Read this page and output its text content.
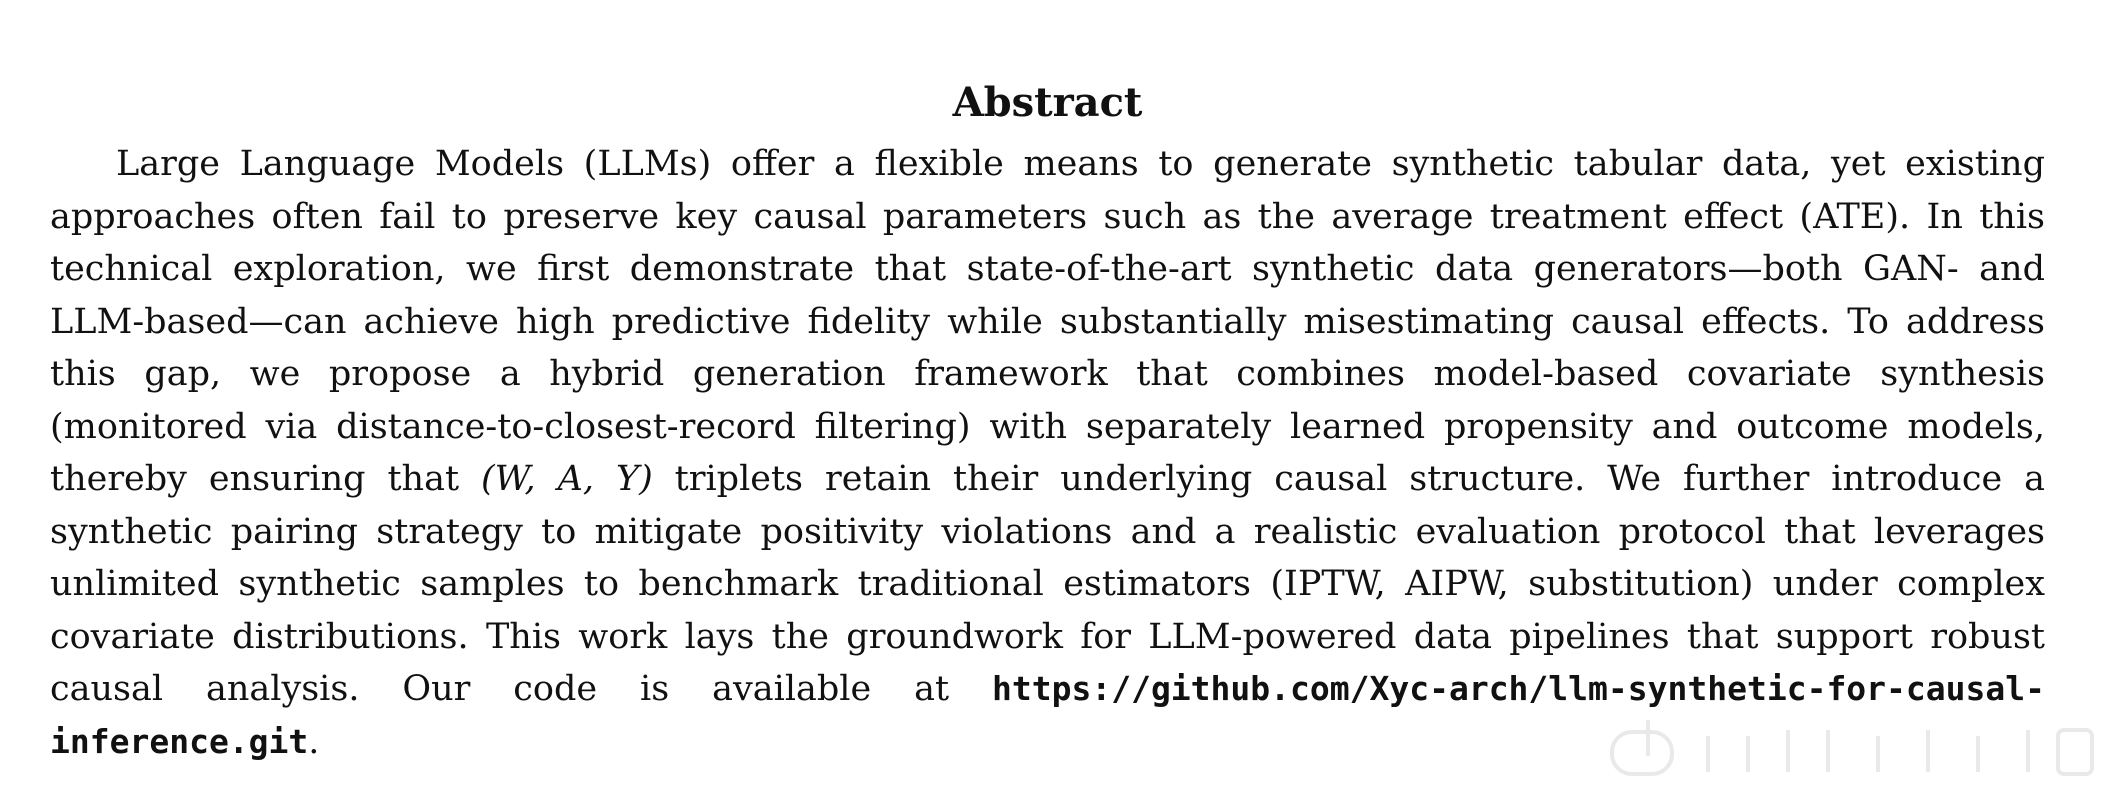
Abstract

Large Language Models (LLMs) offer a flexible means to generate synthetic tabular data, yet existing approaches often fail to preserve key causal parameters such as the average treatment effect (ATE). In this technical exploration, we first demonstrate that state-of-the-art synthetic data generators—both GAN- and LLM-based—can achieve high predictive fidelity while substantially misestimating causal effects. To address this gap, we propose a hybrid generation framework that combines model-based covariate synthesis (monitored via distance-to-closest-record filtering) with separately learned propensity and outcome models, thereby ensuring that (W, A, Y) triplets retain their underlying causal structure. We further introduce a synthetic pairing strategy to mitigate positivity violations and a realistic evaluation protocol that leverages unlimited synthetic samples to benchmark traditional estimators (IPTW, AIPW, substitution) under complex covariate distributions. This work lays the groundwork for LLM-powered data pipelines that support robust causal analysis. Our code is available at https://github.com/Xyc-arch/llm-synthetic-for-causal-inference.git.
